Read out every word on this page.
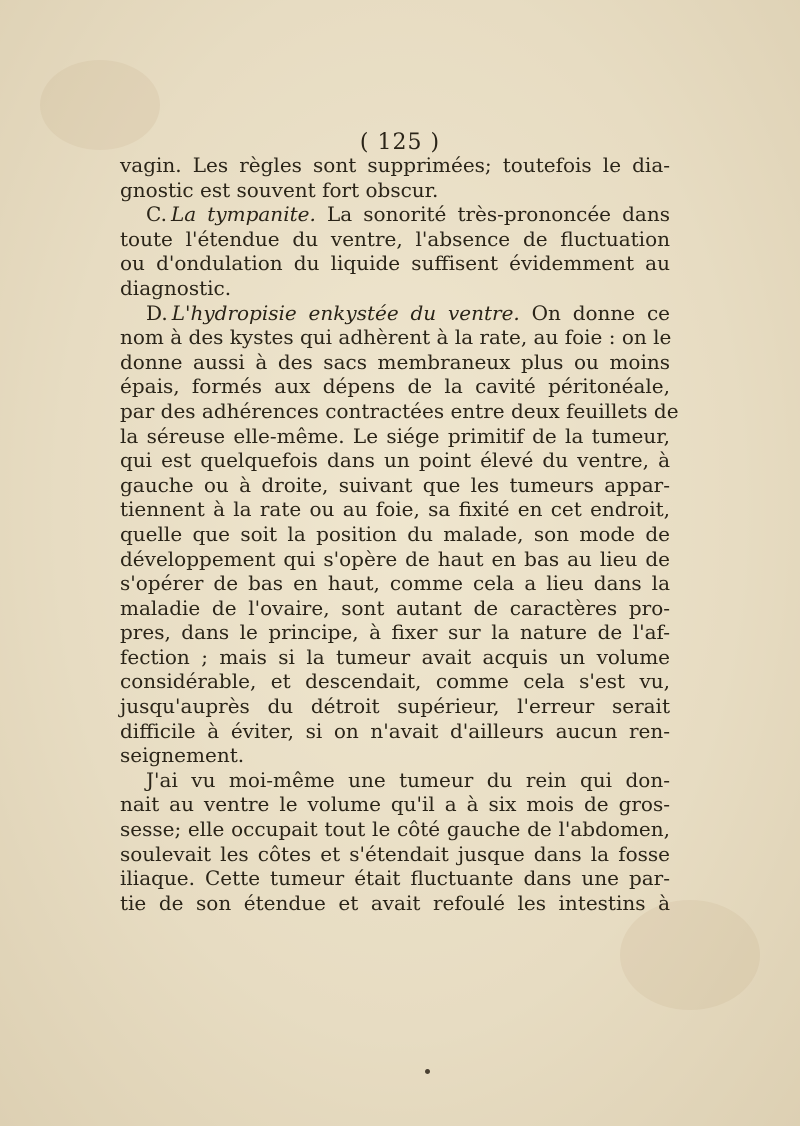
( 125 )
vagin. Les règles sont supprimées; toutefois le dia-
gnostic est souvent fort obscur.
C. La tympanite. La sonorité très-prononcée dans
toute l'étendue du ventre, l'absence de fluctuation
ou d'ondulation du liquide suffisent évidemment au
diagnostic.
D. L'hydropisie enkystée du ventre. On donne ce
nom à des kystes qui adhèrent à la rate, au foie : on le
donne aussi à des sacs membraneux plus ou moins
épais, formés aux dépens de la cavité péritonéale,
par des adhérences contractées entre deux feuillets de
la séreuse elle-même. Le siége primitif de la tumeur,
qui est quelquefois dans un point élevé du ventre, à
gauche ou à droite, suivant que les tumeurs appar-
tiennent à la rate ou au foie, sa fixité en cet endroit,
quelle que soit la position du malade, son mode de
développement qui s'opère de haut en bas au lieu de
s'opérer de bas en haut, comme cela a lieu dans la
maladie de l'ovaire, sont autant de caractères pro-
pres, dans le principe, à fixer sur la nature de l'af-
fection ; mais si la tumeur avait acquis un volume
considérable, et descendait, comme cela s'est vu,
jusqu'auprès du détroit supérieur, l'erreur serait
difficile à éviter, si on n'avait d'ailleurs aucun ren-
seignement.
J'ai vu moi-même une tumeur du rein qui don-
nait au ventre le volume qu'il a à six mois de gros-
sesse; elle occupait tout le côté gauche de l'abdomen,
soulevait les côtes et s'étendait jusque dans la fosse
iliaque. Cette tumeur était fluctuante dans une par-
tie de son étendue et avait refoulé les intestins à
